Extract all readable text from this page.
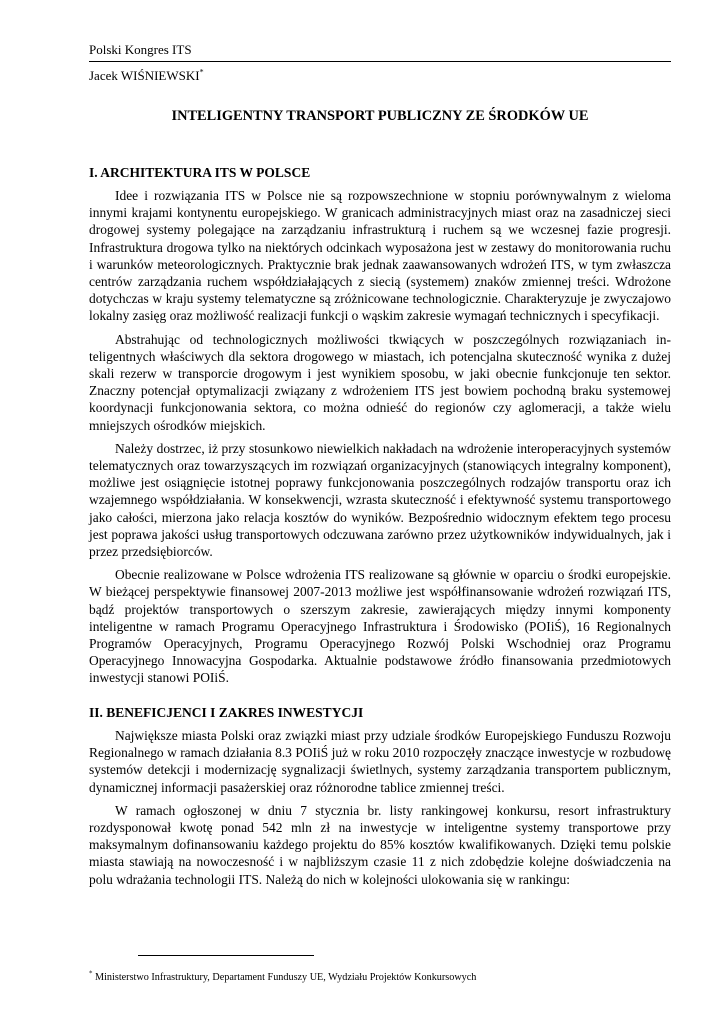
Polski Kongres ITS
Jacek WIŚNIEWSKI*
INTELIGENTNY TRANSPORT PUBLICZNY ZE ŚRODKÓW UE
I. ARCHITEKTURA ITS W POLSCE

Idee i rozwiązania ITS w Polsce nie są rozpowszechnione w stopniu porównywalnym z wieloma innymi krajami kontynentu europejskiego. W granicach administracyjnych miast oraz na zasadniczej sieci drogowej systemy polegające na zarządzaniu infrastrukturą i ruchem są we wczesnej fazie progresji. Infrastruktura drogowa tylko na niektórych odcinkach wyposażona jest w zestawy do monitorowania ruchu i warunków meteorologicznych. Praktycznie brak jednak zaawansowanych wdrożeń ITS, w tym zwłaszcza centrów zarządzania ruchem współdziałających z siecią (systemem) znaków zmiennej treści. Wdrożone dotychczas w kraju systemy telematyczne są zróżnicowane technologicznie. Charakteryzuje je zwyczajowo lokalny zasięg oraz możliwość realizacji funkcji o wąskim zakresie wymagań technicznych i specyfikacji.

Abstrahując od technologicznych możliwości tkwiących w poszczególnych rozwiązaniach inteligentnych właściwych dla sektora drogowego w miastach, ich potencjalna skuteczność wynika z dużej skali rezerw w transporcie drogowym i jest wynikiem sposobu, w jaki obecnie funkcjonuje ten sektor. Znaczny potencjał optymalizacji związany z wdrożeniem ITS jest bowiem pochodną braku systemowej koordynacji funkcjonowania sektora, co można odnieść do regionów czy aglomeracji, a także wielu mniejszych ośrodków miejskich.

Należy dostrzec, iż przy stosunkowo niewielkich nakładach na wdrożenie interoperacyjnych systemów telematycznych oraz towarzyszących im rozwiązań organizacyjnych (stanowiących integralny komponent), możliwe jest osiągnięcie istotnej poprawy funkcjonowania poszczególnych rodzajów transportu oraz ich wzajemnego współdziałania. W konsekwencji, wzrasta skuteczność i efektywność systemu transportowego jako całości, mierzona jako relacja kosztów do wyników. Bezpośrednio widocznym efektem tego procesu jest poprawa jakości usług transportowych odczuwana zarówno przez użytkowników indywidualnych, jak i przez przedsiębiorców.

Obecnie realizowane w Polsce wdrożenia ITS realizowane są głównie w oparciu o środki europejskie. W bieżącej perspektywie finansowej 2007-2013 możliwe jest współfinansowanie wdrożeń rozwiązań ITS, bądź projektów transportowych o szerszym zakresie, zawierających między innymi komponenty inteligentne w ramach Programu Operacyjnego Infrastruktura i Środowisko (POIiŚ), 16 Regionalnych Programów Operacyjnych, Programu Operacyjnego Rozwój Polski Wschodniej oraz Programu Operacyjnego Innowacyjna Gospodarka. Aktualnie podstawowe źródło finansowania przedmiotowych inwestycji stanowi POIiŚ.

II. BENEFICJENCI I ZAKRES INWESTYCJI

Największe miasta Polski oraz związki miast przy udziale środków Europejskiego Funduszu Rozwoju Regionalnego w ramach działania 8.3 POIiŚ już w roku 2010 rozpoczęły znaczące inwestycje w rozbudowę systemów detekcji i modernizację sygnalizacji świetlnych, systemy zarządzania transportem publicznym, dynamicznej informacji pasażerskiej oraz różnorodne tablice zmiennej treści.

W ramach ogłoszonej w dniu 7 stycznia br. listy rankingowej konkursu, resort infrastruktury rozdysponował kwotę ponad 542 mln zł na inwestycje w inteligentne systemy transportowe przy maksymalnym dofinansowaniu każdego projektu do 85% kosztów kwalifikowanych. Dzięki temu polskie miasta stawiają na nowoczesność i w najbliższym czasie 11 z nich zdobędzie kolejne doświadczenia na polu wdrażania technologii ITS. Należą do nich w kolejności ulokowania się w rankingu:

* Ministerstwo Infrastruktury, Departament Funduszy UE, Wydziału Projektów Konkursowych
